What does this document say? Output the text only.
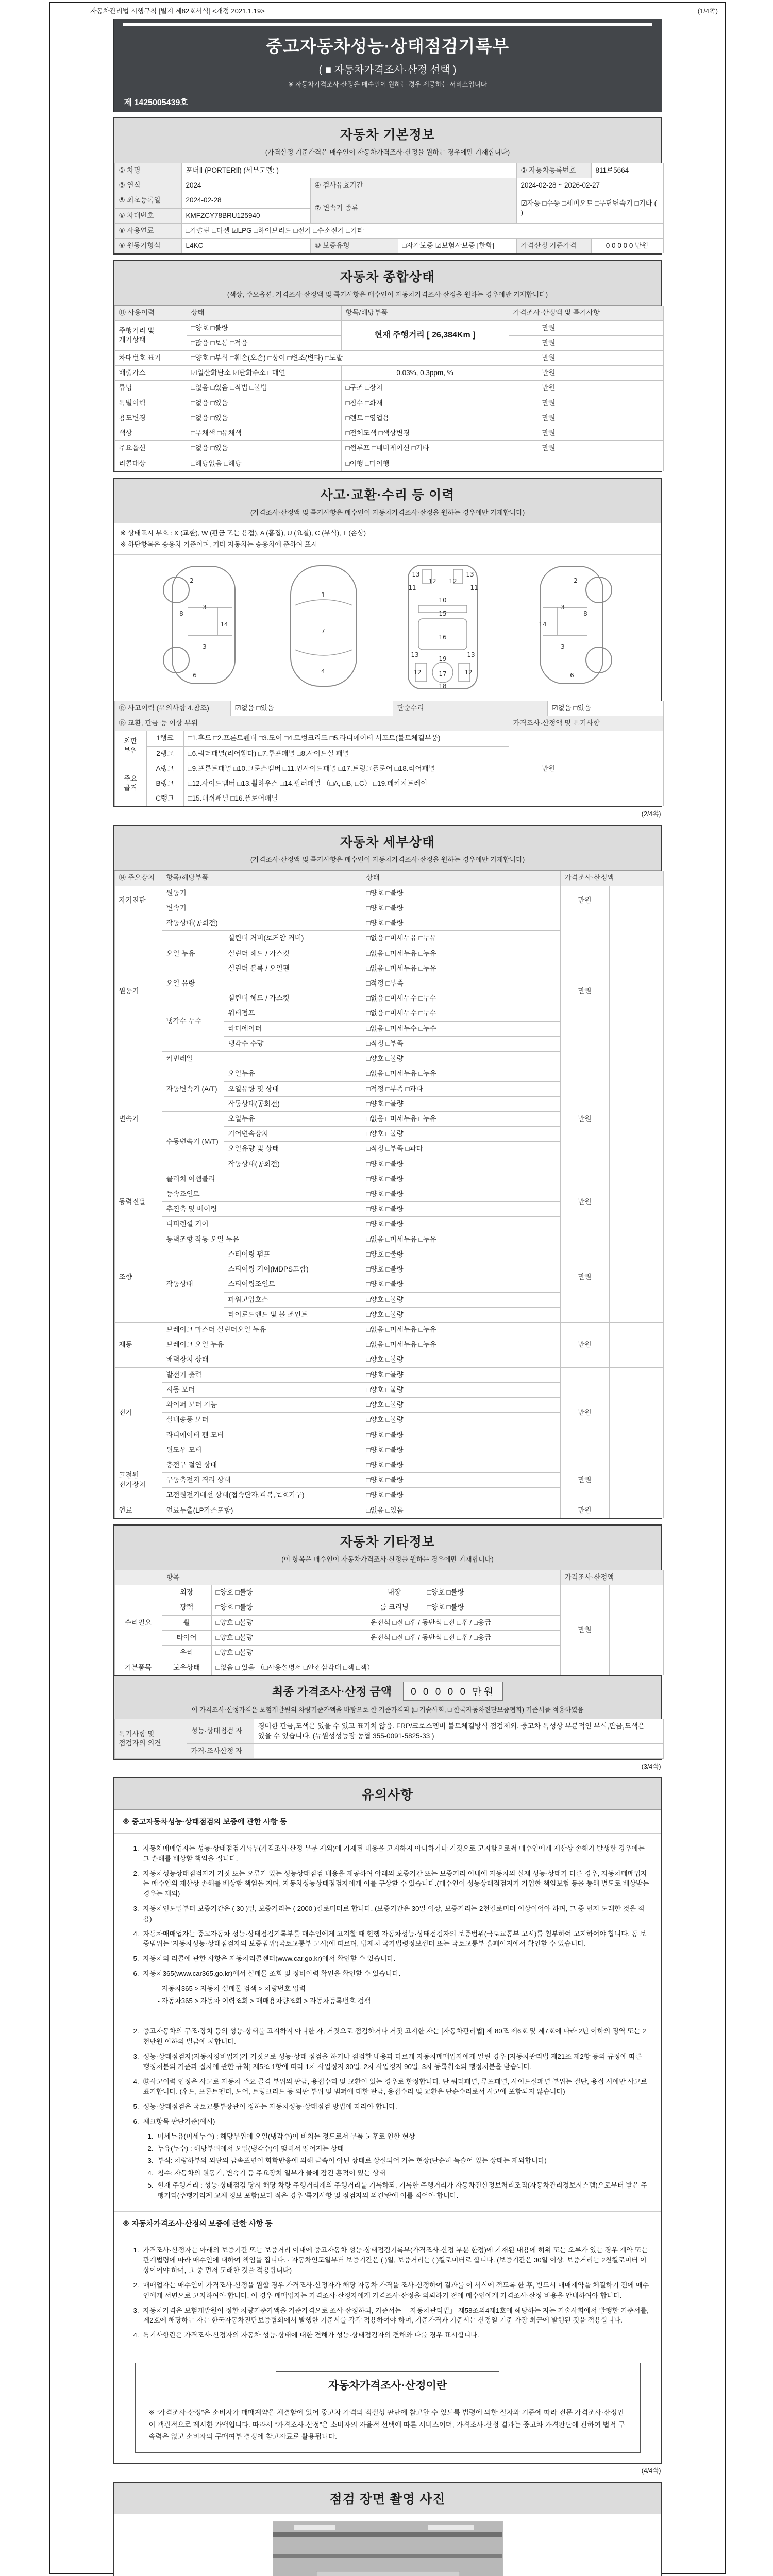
자동차관리법 시행규칙 [별지 제82호서식] <개정 2021.1.19>	(1/4쪽)
중고자동차성능·상태점검기록부
( ■ 자동차가격조사·산정 선택 )
※ 자동차가격조사·산정은 매수인이 원하는 경우 제공하는 서비스입니다
제 1425005439호
자동차 기본정보
(가격산정 기준가격은 매수인이 자동차가격조사·산정을 원하는 경우에만 기재합니다)
① 차명	포터Ⅱ (PORTERⅡ) (세부모델: )			② 자동차등록번호	811로5664
③ 연식	2024	④ 검사유효기간		2024-02-28 ~ 2026-02-27	
⑤ 최초등록일	2024-02-28	⑦ 변속기 종류		☑자동 □수동 □세미오토 □무단변속기 □기타 ( )	
⑥ 차대번호	KMFZCY78BRU125940				
⑧ 사용연료	□가솔린 □디젤 ☑LPG □하이브리드 □전기 □수소전기 □기타				
⑨ 원동기형식	L4KC	⑩ 보증유형	□자가보증 ☑보험사보증 [한화]	가격산정 기준가격	0 0 0 0 0 만원
자동차 종합상태
(색상, 주요옵션, 가격조사·산정액 및 특기사항은 매수인이 자동차가격조사·산정을 원하는 경우에만 기재합니다)
⑪ 사용이력	상태	항목/해당부품	가격조사·산정액 및 특기사항	
주행거리 및 계기상태	□양호 □불량	현재 주행거리 [ 26,384Km ]	만원	
	□많음 □보통 □적음		만원	
차대번호 표기	□양호 □부식 □훼손(오손) □상이 □변조(변타) □도말		만원	
배출가스	☑일산화탄소 ☑탄화수소 □매연	0.03%, 0.3ppm, %	만원	
튜닝	□없음 □있음 □적법 □불법	□구조 □장치	만원	
특별이력	□없음 □있음	□침수 □화재	만원	
용도변경	□없음 □있음	□렌트 □영업용	만원	
색상	□무채색 □유채색	□전체도색 □색상변경	만원	
주요옵션	□없음 □있음	□썬루프 □네비게이션 □기타	만원	
리콜대상	□해당없음 □해당	□이행 □미이행		
사고·교환·수리 등 이력
(가격조사·산정액 및 특기사항은 매수인이 자동차가격조사·산정을 원하는 경우에만 기재합니다)
※ 상태표시 부호 : X (교환), W (판금 또는 용접), A (흠집), U (요철), C (부식), T (손상)
※ 하단항목은 승용차 기준이며, 기타 자동차는 승용차에 준하여 표시
2
8
3
14
3
6
1
7
4
13
12 12
13
11	11
10
15
16
13
19
13
12	17	12
18
2
8
3
14
3
6
⑫ 사고이력 (유의사항 4.참조)	☑없음 □있음	단순수리	☑없음 □있음
⑬ 교환, 판금 등 이상 부위			가격조사·산정액 및 특기사항	
외판 부위	1랭크	□1.후드 □2.프론트휀더 □3.도어 □4.트렁크리드 □5.라디에이터 서포트(볼트체결부품)	만원	
	2랭크	□6.쿼터패널(리어휀다) □7.루프패널 □8.사이드실 패널		
주요 골격	A랭크	□9.프론트패널 □10.크로스멤버 □11.인사이드패널 □17.트렁크플로어 □18.리어패널		
	B랭크	□12.사이드멤버 □13.휠하우스 □14.필러패널 （□A, □B, □C） □19.페키지트레이		
	C랭크	□15.대쉬패널 □16.플로어패널		
(2/4쪽)
자동차 세부상태
(가격조사·산정액 및 특기사항은 매수인이 자동차가격조사·산정을 원하는 경우에만 기재합니다)
⑭ 주요장치	항목/해당부품		상태	가격조사·산정액	
자기진단	원동기		□양호 □불량	만원	
	변속기		□양호 □불량		
원동기	작동상태(공회전)		□양호 □불량	만원	
	오일 누유	실린더 커버(로커암 커버)	□없음 □미세누유 □누유		
		실린더 헤드 / 가스킷	□없음 □미세누유 □누유		
		실린더 블록 / 오일팬	□없음 □미세누유 □누유		
	오일 유량		□적정 □부족		
	냉각수 누수	실린더 헤드 / 가스킷	□없음 □미세누수 □누수		
		워터펌프	□없음 □미세누수 □누수		
		라디에이터	□없음 □미세누수 □누수		
		냉각수 수량	□적정 □부족		
	커먼레일		□양호 □불량		
변속기	자동변속기 (A/T)	오일누유	□없음 □미세누유 □누유	만원	
		오일유량 및 상태	□적정 □부족 □과다		
		작동상태(공회전)	□양호 □불량		
	수동변속기 (M/T)	오일누유	□없음 □미세누유 □누유		
		기어변속장치	□양호 □불량		
		오일유량 및 상태	□적정 □부족 □과다		
		작동상태(공회전)	□양호 □불량		
동력전달	클러치 어셈블리		□양호 □불량	만원	
	등속죠인트		□양호 □불량		
	추진축 및 베어링		□양호 □불량		
	디퍼렌셜 기어		□양호 □불량		
조향	동력조향 작동 오일 누유		□없음 □미세누유 □누유	만원	
	작동상태	스티어링 펌프	□양호 □불량		
		스티어링 기어(MDPS포함)	□양호 □불량		
		스티어링조인트	□양호 □불량		
		파워고압호스	□양호 □불량		
		타이로드엔드 및 볼 조인트	□양호 □불량		
제동	브레이크 마스터 실린더오일 누유		□없음 □미세누유 □누유	만원	
	브레이크 오일 누유		□없음 □미세누유 □누유		
	배력장치 상태		□양호 □불량		
전기	발전기 출력		□양호 □불량	만원	
	시동 모터		□양호 □불량		
	와이퍼 모터 기능		□양호 □불량		
	실내송풍 모터		□양호 □불량		
	라디에이터 팬 모터		□양호 □불량		
	윈도우 모터		□양호 □불량		
고전원 전기장치	충전구 절연 상태		□양호 □불량	만원	
	구동축전지 격리 상태		□양호 □불량		
	고전원전기배선 상태(접속단자,피복,보호기구)		□양호 □불량		
연료	연료누출(LP가스포함)		□없음 □있음	만원	
자동차 기타정보
(이 항목은 매수인이 자동차가격조사·산정을 원하는 경우에만 기재합니다)
	항목				가격조사·산정액	
수리필요	외장	□양호 □불량	내장	□양호 □불량	만원	
	광택	□양호 □불량	룸 크리닝	□양호 □불량		
	휠	□양호 □불량	운전석 □전 □후 / 동반석 □전 □후 / □응급			
	타이어	□양호 □불량	운전석 □전 □후 / 동반석 □전 □후 / □응급			
	유리	□양호 □불량				
기본품목	보유상태	□없음 □ 있음 （□사용설명서 □안전삼각대 □잭 □잭）				
최종 가격조사·산정 금액	0 0 0 0 0 만원
이 가격조사·산정가격은 보험개발원의 차량기준가액을 바탕으로 한 기준가격과 (□ 기술사회, □ 한국자동차진단보증협회) 기준서를 적용하였음
특기사항 및 점검자의 의견	성능·상태점검 자	경미한 판금,도색은 있을 수 있고 표기치 않음. FRP/크로스멤버 볼트체결방식 점검제외. 중고차 특성상 부분적인 부식,판금,도색은 있을 수 있습니다. (뉴원성성능장 농협 355-0091-5825-33 )
	가격·조사산정 자	
(3/4쪽)
유의사항
※ 중고자동차성능·상태점검의 보증에 관한 사항 등
1. 자동차매매업자는 성능·상태점검기록부(가격조사·산정 부분 제외)에 기재된 내용을 고지하지 아니하거나 거짓으로 고지함으로써 매수인에게 재산상 손해가 발생한 경우에는 그 손해를 배상할 책임을 집니다.
2. 자동차성능상태점검자가 거짓 또는 오류가 있는 성능상태점검 내용을 제공하여 아래의 보증기간 또는 보증거리 이내에 자동차의 실제 성능·상태가 다른 경우, 자동차매매업자는 매수인의 재산상 손해를 배상할 책임을 지며, 자동차성능상태점검자에게 이를 구상할 수 있습니다.(매수인이 성능상태점검자가 가입한 책임보험 등을 통해 별도로 배상받는 경우는 제외)
3. 자동차인도일부터 보증기간은 ( 30 )일, 보증거리는 ( 2000 )킬로미터로 합니다. (보증기간은 30일 이상, 보증거리는 2천킬로미터 이상이어야 하며, 그 중 먼저 도래한 것을 적용)
4. 자동차매매업자는 중고자동차 성능·상태점검기록부를 매수인에게 고지할 때 현행 자동차성능·상태점검자의 보증범위(국토교통부 고시)를 첨부하여 고지하여야 합니다. 동 보증범위는 '자동차성능·상태점검자의 보증범위'(국토교통부 고시)에 따르며, 법제처 국가법령정보센터 또는 국토교통부 홈페이지에서 확인할 수 있습니다.
5. 자동차의 리콜에 관한 사항은 자동차리콜센터(www.car.go.kr)에서 확인할 수 있습니다.
6. 자동차365(www.car365.go.kr)에서 실매물 조회 및 정비이력 확인을 확인할 수 있습니다.
- 자동차365 > 자동차 실매물 검색 > 차량번호 입력
- 자동차365 > 자동차 이력조회 > 매매용차량조회 > 자동차등록번호 검색
2. 중고자동차의 구조·장치 등의 성능·상태를 고지하지 아니한 자, 거짓으로 점검하거나 거짓 고지한 자는 [자동차관리법] 제 80조 제6호 및 제7호에 따라 2년 이하의 징역 또는 2천만원 이하의 벌금에 처합니다.
3. 성능·상태점검자(자동차정비업자)가 거짓으로 성능·상태 점검을 하거나 점검한 내용과 다르게 자동차매매업자에게 알린 경우 [자동차관리법 제21조 제2항 등의 규정에 따른 행정처분의 기준과 절차에 관한 규칙] 제5조 1항에 따라 1차 사업정지 30일, 2차 사업정지 90일, 3차 등록취소의 행정처분을 받습니다.
4. ⑫사고이력 인정은 사고로 자동차 주요 골격 부위의 판금, 용접수리 및 교환이 있는 경우로 한정합니다. 단 쿼터패널, 루프패널, 사이드실패널 부위는 절단, 용접 시에만 사고로 표기합니다. (후드, 프론트펜더, 도어, 트렁크리드 등 외판 부위 및 범퍼에 대한 판금, 용접수리 및 교환은 단순수리로서 사고에 포함되지 않습니다)
5. 성능·상태점검은 국토교통부장관이 정하는 자동차성능·상태점검 방법에 따라야 합니다.
6. 체크항목 판단기준(예시)
1. 미세누유(미세누수) : 해당부위에 오일(냉각수)이 비치는 정도로서 부품 노후로 인한 현상
2. 누유(누수) : 해당부위에서 오일(냉각수)이 맺혀서 떨어지는 상태
3. 부식: 차량하부와 외판의 금속표면이 화학반응에 의해 금속이 아닌 상태로 상실되어 가는 현상(단순히 녹슬어 있는 상태는 제외합니다)
4. 침수: 자동차의 원동기, 변속기 등 주요장치 일부가 물에 잠긴 흔적이 있는 상태
5. 현재 주행거리 : 성능·상태점검 당시 해당 차량 주행거리계의 주행거리를 기록하되, 기록한 주행거리가 자동차전산정보처리조직(자동차관리정보시스템)으로부터 받은 주행거리(주행거리계 교체 정보 포함)보다 적은 경우 '특기사항 및 점검자의 의견'란에 이를 적어야 합니다.
※ 자동차가격조사·산정의 보증에 관한 사항 등
1. 가격조사·산정자는 아래의 보증기간 또는 보증거리 이내에 중고자동차 성능·상태점검기록부(가격조사·산정 부분 한정)에 기재된 내용에 허위 또는 오류가 있는 경우 계약 또는 관계법령에 따라 매수인에 대하여 책임을 집니다. · 자동차인도일부터 보증기간은 ( )일, 보증거리는 ( )킬로미터로 합니다. (보증기간은 30일 이상, 보증거리는 2천킬로미터 이상이어야 하며, 그 중 먼저 도래한 것을 적용합니다)
2. 매매업자는 매수인이 가격조사·산정을 원할 경우 가격조사·산정자가 해당 자동차 가격을 조사·산정하여 결과를 이 서식에 적도록 한 후, 반드시 매매계약을 체결하기 전에 매수인에게 서면으로 고지하여야 합니다. 이 경우 매매업자는 가격조사·산정자에게 가격조사·산정을 의뢰하기 전에 매수인에게 가격조사·산정 비용을 안내하여야 합니다.
3. 자동차가격은 보험개발원이 정한 차량기준가액을 기준가격으로 조사·산정하되, 기준서는 「자동차관리법」 제58조의4제1호에 해당하는 자는 기술사회에서 발행한 기준서를, 제2호에 해당하는 자는 한국자동차진단보증협회에서 발행한 기준서를 각각 적용하여야 하며, 기준가격과 기준서는 산정일 기준 가장 최근에 발행된 것을 적용합니다.
4. 특기사항란은 가격조사·산정자의 자동차 성능·상태에 대한 견해가 성능·상태점검자의 견해와 다를 경우 표시합니다.
자동차가격조사·산정이란
※ “가격조사·산정”은 소비자가 매매계약을 체결함에 있어 중고차 가격의 적절성 판단에 참고할 수 있도록 법령에 의한 절차와 기준에 따라 전문 가격조사·산정인이 객관적으로 제시한 가액입니다. 따라서 “가격조사·산정”은 소비자의 자율적 선택에 따른 서비스이며, 가격조사·산정 결과는 중고차 가격판단에 관하여 법적 구속력은 없고 소비자의 구매여부 결정에 참고자료로 활용됩니다.
(4/4쪽)
점검 장면 촬영 사진
